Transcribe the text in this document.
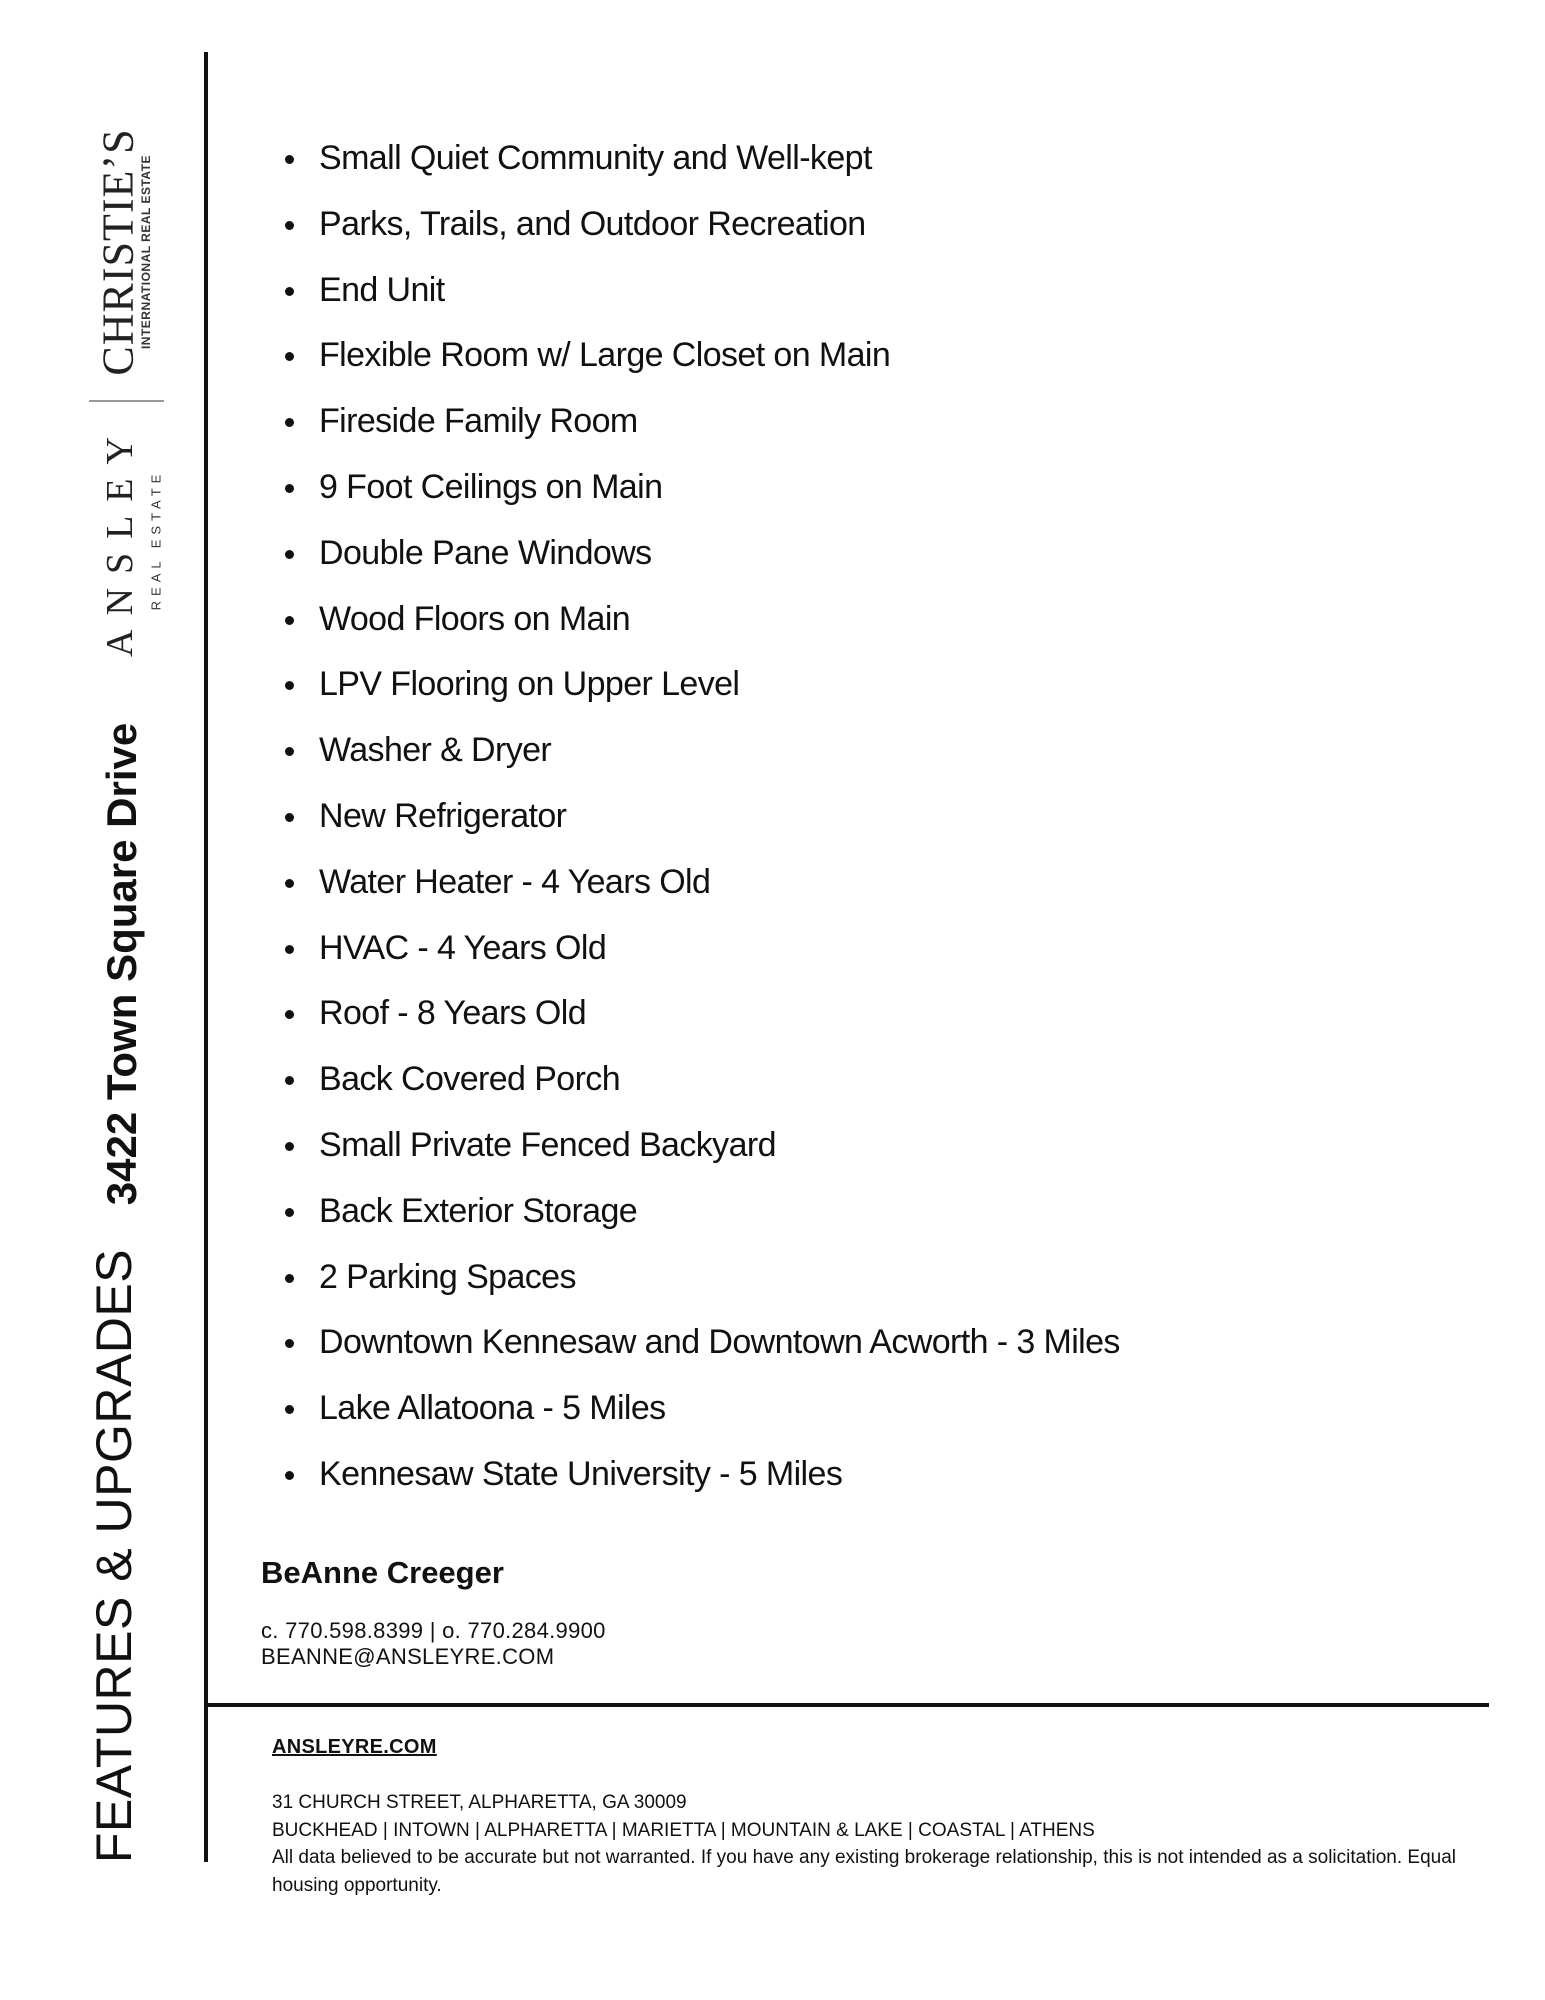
CHRISTIE’S
INTERNATIONAL REAL ESTATE
ANSLEY REAL ESTATE
3422 Town Square Drive
FEATURES & UPGRADES
Small Quiet Community and Well-kept
Parks, Trails, and Outdoor Recreation
End Unit
Flexible Room w/ Large Closet on Main
Fireside Family Room
9 Foot Ceilings on Main
Double Pane Windows
Wood Floors on Main
LPV Flooring on Upper Level
Washer & Dryer
New Refrigerator
Water Heater - 4 Years Old
HVAC - 4 Years Old
Roof - 8 Years Old
Back Covered Porch
Small Private Fenced Backyard
Back Exterior Storage
2 Parking Spaces
Downtown Kennesaw and Downtown Acworth - 3 Miles
Lake Allatoona - 5 Miles
Kennesaw State University - 5 Miles
BeAnne Creeger
c. 770.598.8399 | o. 770.284.9900
BEANNE@ANSLEYRE.COM
ANSLEYRE.COM
31 CHURCH STREET, ALPHARETTA, GA 30009
BUCKHEAD | INTOWN | ALPHARETTA | MARIETTA | MOUNTAIN & LAKE | COASTAL | ATHENS
All data believed to be accurate but not warranted. If you have any existing brokerage relationship, this is not intended as a solicitation. Equal housing opportunity.
